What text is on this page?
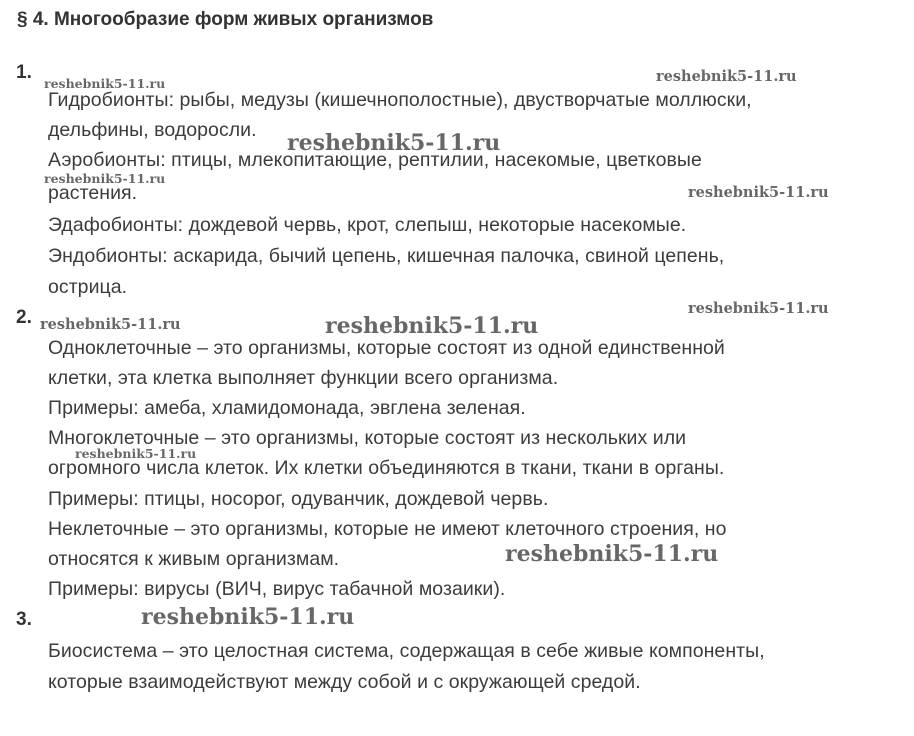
§ 4. Многообразие форм живых организмов
1.
Гидробионты: рыбы, медузы (кишечнополостные), двустворчатые моллюски,
дельфины, водоросли.
Аэробионты: птицы, млекопитающие, рептилии, насекомые, цветковые
растения.
Эдафобионты: дождевой червь, крот, слепыш, некоторые насекомые.
Эндобионты: аскарида, бычий цепень, кишечная палочка, свиной цепень,
острица.
2.
Одноклеточные – это организмы, которые состоят из одной единственной
клетки, эта клетка выполняет функции всего организма.
Примеры: амеба, хламидомонада, эвглена зеленая.
Многоклеточные – это организмы, которые состоят из нескольких или
огромного числа клеток. Их клетки объединяются в ткани, ткани в органы.
Примеры: птицы, носорог, одуванчик, дождевой червь.
Неклеточные – это организмы, которые не имеют клеточного строения, но
относятся к живым организмам.
Примеры: вирусы (ВИЧ, вирус табачной мозаики).
3.
Биосистема – это целостная система, содержащая в себе живые компоненты,
которые взаимодействуют между собой и с окружающей средой.
reshebnik5-11.ru	reshebnik5-11.ru
reshebnik5-11.ru
reshebnik5-11.ru
reshebnik5-11.ru
reshebnik5-11.ru
reshebnik5-11.ru	reshebnik5-11.ru
reshebnik5-11.ru
reshebnik5-11.ru
reshebnik5-11.ru
